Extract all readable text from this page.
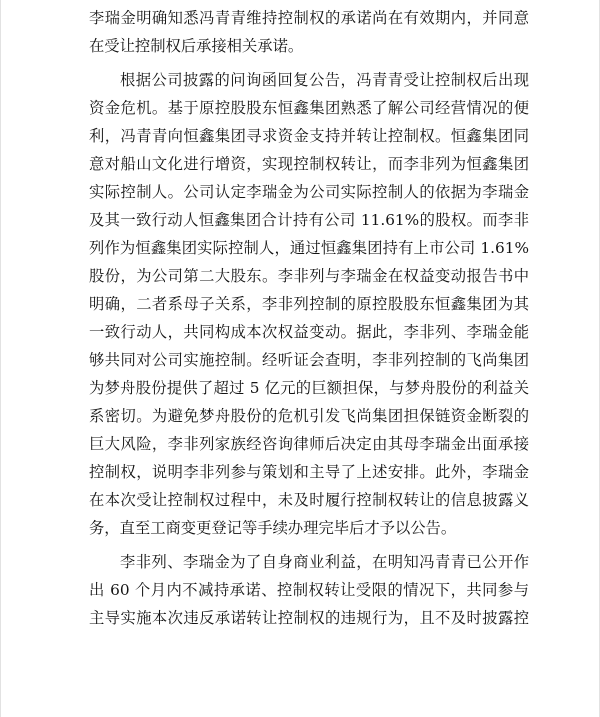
李瑞金明确知悉冯青青维持控制权的承诺尚在有效期内，并同意
在受让控制权后承接相关承诺。
根据公司披露的问询函回复公告，冯青青受让控制权后出现
资金危机。基于原控股股东恒鑫集团熟悉了解公司经营情况的便
利，冯青青向恒鑫集团寻求资金支持并转让控制权。恒鑫集团同
意对船山文化进行增资，实现控制权转让，而李非列为恒鑫集团
实际控制人。公司认定李瑞金为公司实际控制人的依据为李瑞金
及其一致行动人恒鑫集团合计持有公司 11.61%的股权。而李非
列作为恒鑫集团实际控制人，通过恒鑫集团持有上市公司 1.61%
股份，为公司第二大股东。李非列与李瑞金在权益变动报告书中
明确，二者系母子关系，李非列控制的原控股股东恒鑫集团为其
一致行动人，共同构成本次权益变动。据此，李非列、李瑞金能
够共同对公司实施控制。经听证会查明，李非列控制的飞尚集团
为梦舟股份提供了超过 5 亿元的巨额担保，与梦舟股份的利益关
系密切。为避免梦舟股份的危机引发飞尚集团担保链资金断裂的
巨大风险，李非列家族经咨询律师后决定由其母李瑞金出面承接
控制权，说明李非列参与策划和主导了上述安排。此外，李瑞金
在本次受让控制权过程中，未及时履行控制权转让的信息披露义
务，直至工商变更登记等手续办理完毕后才予以公告。
李非列、李瑞金为了自身商业利益，在明知冯青青已公开作
出 60 个月内不减持承诺、控制权转让受限的情况下，共同参与
主导实施本次违反承诺转让控制权的违规行为，且不及时披露控
